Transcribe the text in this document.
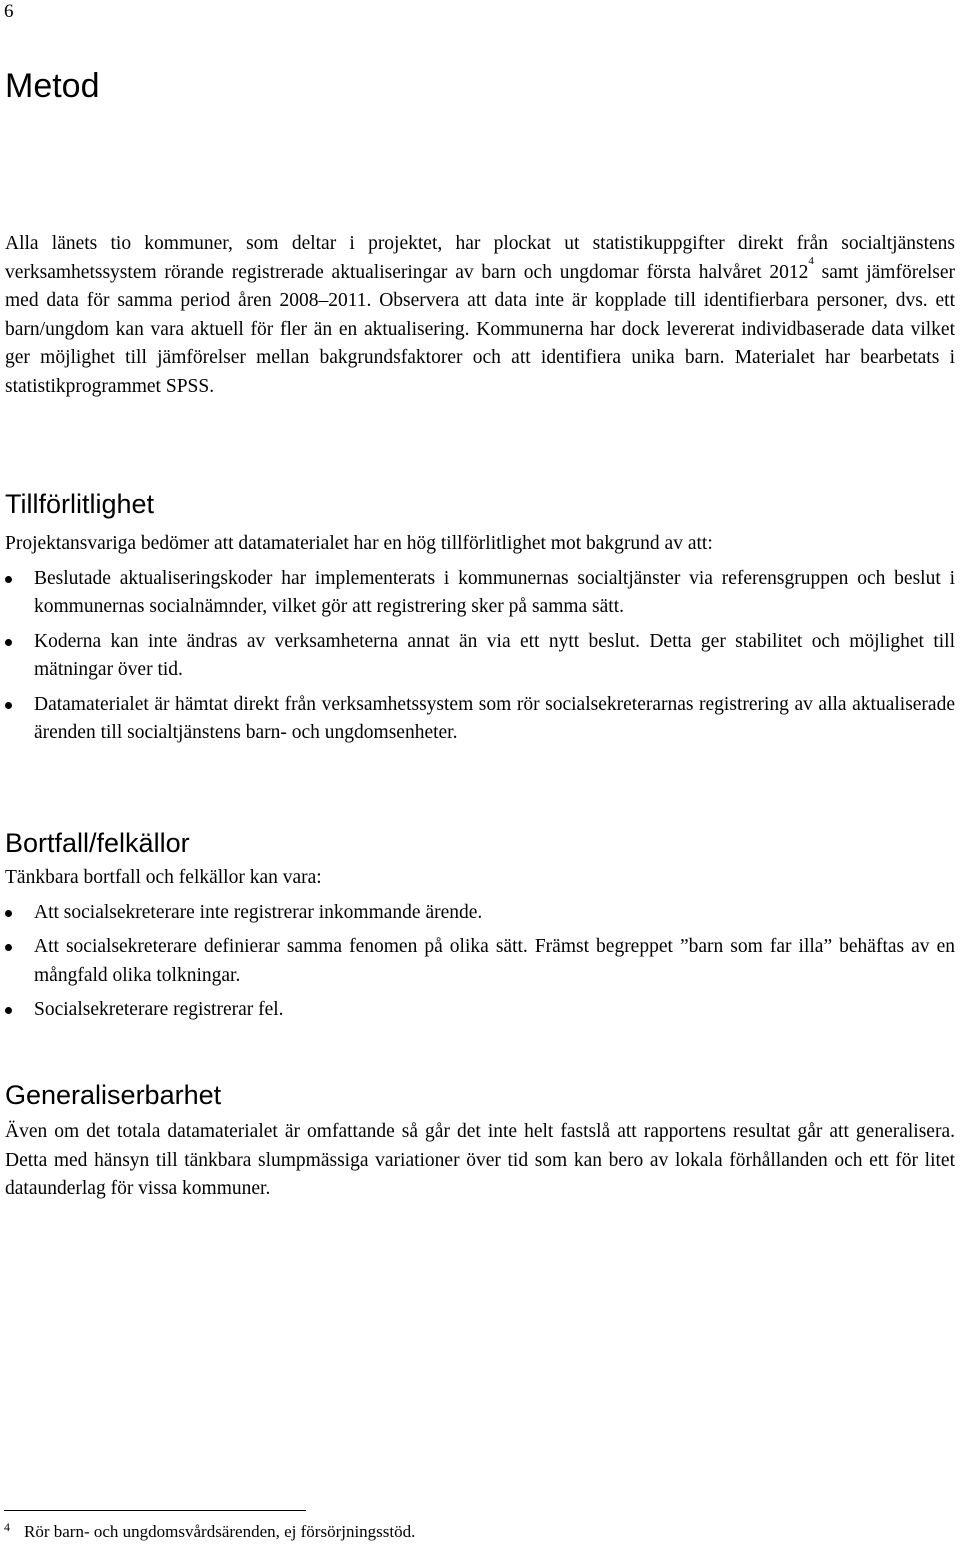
6
Metod

Alla länets tio kommuner, som deltar i projektet, har plockat ut statistikuppgifter direkt från socialtjänstens verksamhetssystem rörande registrerade aktualiseringar av barn och ungdomar första halvåret 2012$^4$ samt jämförelser med data för samma period åren 2008–2011. Observera att data inte är kopplade till identifierbara personer, dvs. ett barn/ungdom kan vara aktuell för fler än en aktualisering. Kommunerna har dock levererat individbaserade data vilket ger möjlighet till jämförelser mellan bakgrundsfaktorer och att identifiera unika barn. Materialet har bearbetats i statistikprogrammet SPSS.

Tillförlitlighet

Projektansvariga bedömer att datamaterialet har en hög tillförlitlighet mot bakgrund av att:

Beslutade aktualiseringskoder har implementerats i kommunernas socialtjänster via referensgruppen och beslut i kommunernas socialnämnder, vilket gör att registrering sker på samma sätt.
Koderna kan inte ändras av verksamheterna annat än via ett nytt beslut. Detta ger stabilitet och möjlighet till mätningar över tid.
Datamaterialet är hämtat direkt från verksamhetssystem som rör socialsekreterarnas registrering av alla aktualiserade ärenden till socialtjänstens barn- och ungdomsenheter.
Bortfall/felkällor

Tänkbara bortfall och felkällor kan vara:

Att socialsekreterare inte registrerar inkommande ärende.
Att socialsekreterare definierar samma fenomen på olika sätt. Främst begreppet ”barn som far illa” behäftas av en mångfald olika tolkningar.
Socialsekreterare registrerar fel.
Generaliserbarhet

Även om det totala datamaterialet är omfattande så går det inte helt fastslå att rapportens resultat går att generalisera. Detta med hänsyn till tänkbara slumpmässiga variationer över tid som kan bero av lokala förhållanden och ett för litet dataunderlag för vissa kommuner.

$^4$ Rör barn- och ungdomsvårdsärenden, ej försörjningsstöd.
